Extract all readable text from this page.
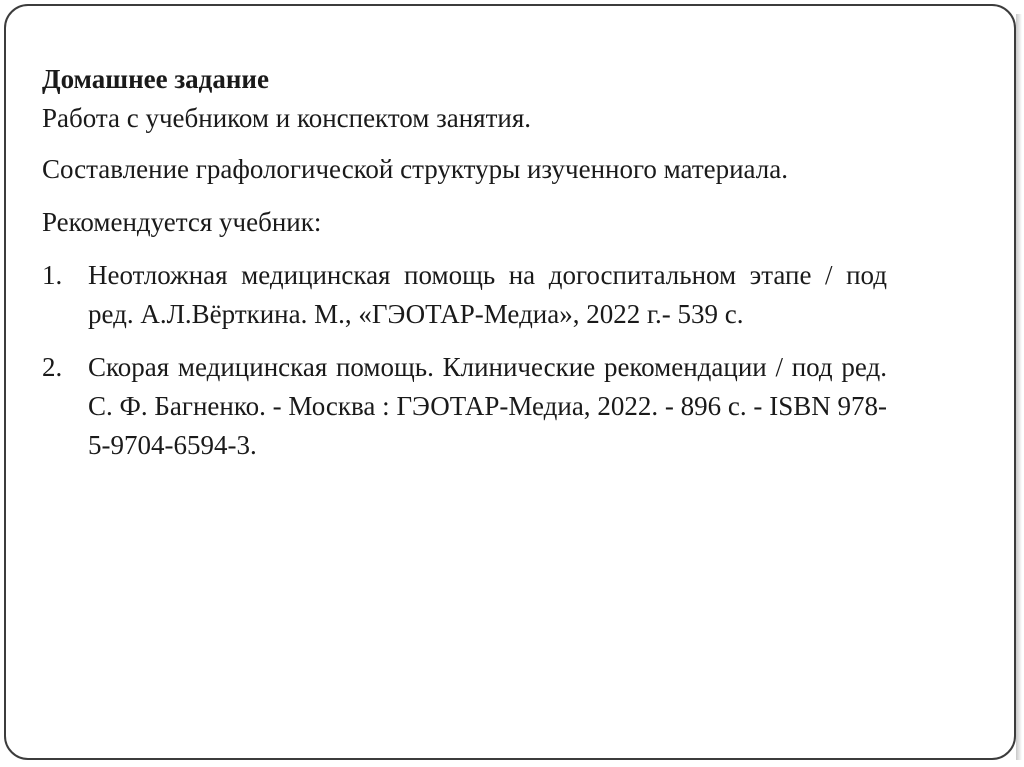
Домашнее задание
Работа с учебником и конспектом занятия.
Составление графологической структуры изученного материала.
Рекомендуется учебник:
1. Неотложная медицинская помощь на догоспитальном этапе / под ред. А.Л.Вёрткина. М., «ГЭОТАР-Медиа», 2022 г.- 539 с.
2. Скорая медицинская помощь. Клинические рекомендации / под ред. С. Ф. Багненко. - Москва : ГЭОТАР-Медиа, 2022. - 896 с. - ISBN 978-5-9704-6594-3.
